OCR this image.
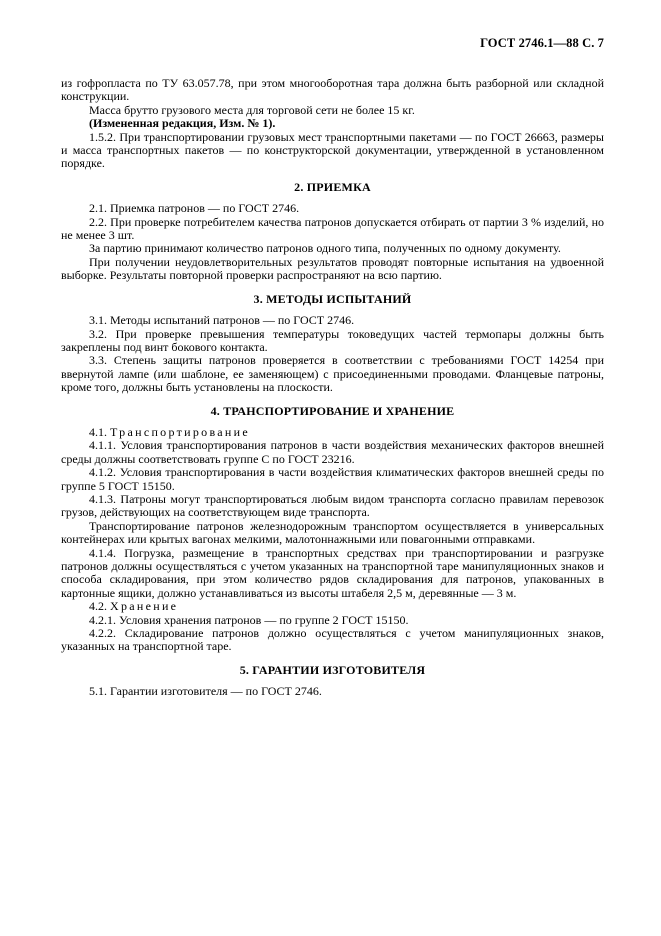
ГОСТ 2746.1—88 С. 7

из гофропласта по ТУ 63.057.78, при этом многооборотная тара должна быть разборной или складной конструкции.

Масса брутто грузового места для торговой сети не более 15 кг.

(Измененная редакция, Изм. № 1).

1.5.2. При транспортировании грузовых мест транспортными пакетами — по ГОСТ 26663, размеры и масса транспортных пакетов — по конструкторской документации, утвержденной в установленном порядке.

2. ПРИЕМКА

2.1. Приемка патронов — по ГОСТ 2746.

2.2. При проверке потребителем качества патронов допускается отбирать от партии 3 % изделий, но не менее 3 шт.

За партию принимают количество патронов одного типа, полученных по одному документу.

При получении неудовлетворительных результатов проводят повторные испытания на удвоенной выборке. Результаты повторной проверки распространяют на всю партию.

3. МЕТОДЫ ИСПЫТАНИЙ

3.1. Методы испытаний патронов — по ГОСТ 2746.

3.2. При проверке превышения температуры токоведущих частей термопары должны быть закреплены под винт бокового контакта.

3.3. Степень защиты патронов проверяется в соответствии с требованиями ГОСТ 14254 при ввернутой лампе (или шаблоне, ее заменяющем) с присоединенными проводами. Фланцевые патроны, кроме того, должны быть установлены на плоскости.

4. ТРАНСПОРТИРОВАНИЕ И ХРАНЕНИЕ

4.1. Транспортирование

4.1.1. Условия транспортирования патронов в части воздействия механических факторов внешней среды должны соответствовать группе С по ГОСТ 23216.

4.1.2. Условия транспортирования в части воздействия климатических факторов внешней среды по группе 5 ГОСТ 15150.

4.1.3. Патроны могут транспортироваться любым видом транспорта согласно правилам перевозок грузов, действующих на соответствующем виде транспорта.

Транспортирование патронов железнодорожным транспортом осуществляется в универсальных контейнерах или крытых вагонах мелкими, малотоннажными или повагонными отправками.

4.1.4. Погрузка, размещение в транспортных средствах при транспортировании и разгрузке патронов должны осуществляться с учетом указанных на транспортной таре манипуляционных знаков и способа складирования, при этом количество рядов складирования для патронов, упакованных в картонные ящики, должно устанавливаться из высоты штабеля 2,5 м, деревянные — 3 м.

4.2. Хранение

4.2.1. Условия хранения патронов — по группе 2 ГОСТ 15150.

4.2.2. Складирование патронов должно осуществляться с учетом манипуляционных знаков, указанных на транспортной таре.

5. ГАРАНТИИ ИЗГОТОВИТЕЛЯ

5.1. Гарантии изготовителя — по ГОСТ 2746.
